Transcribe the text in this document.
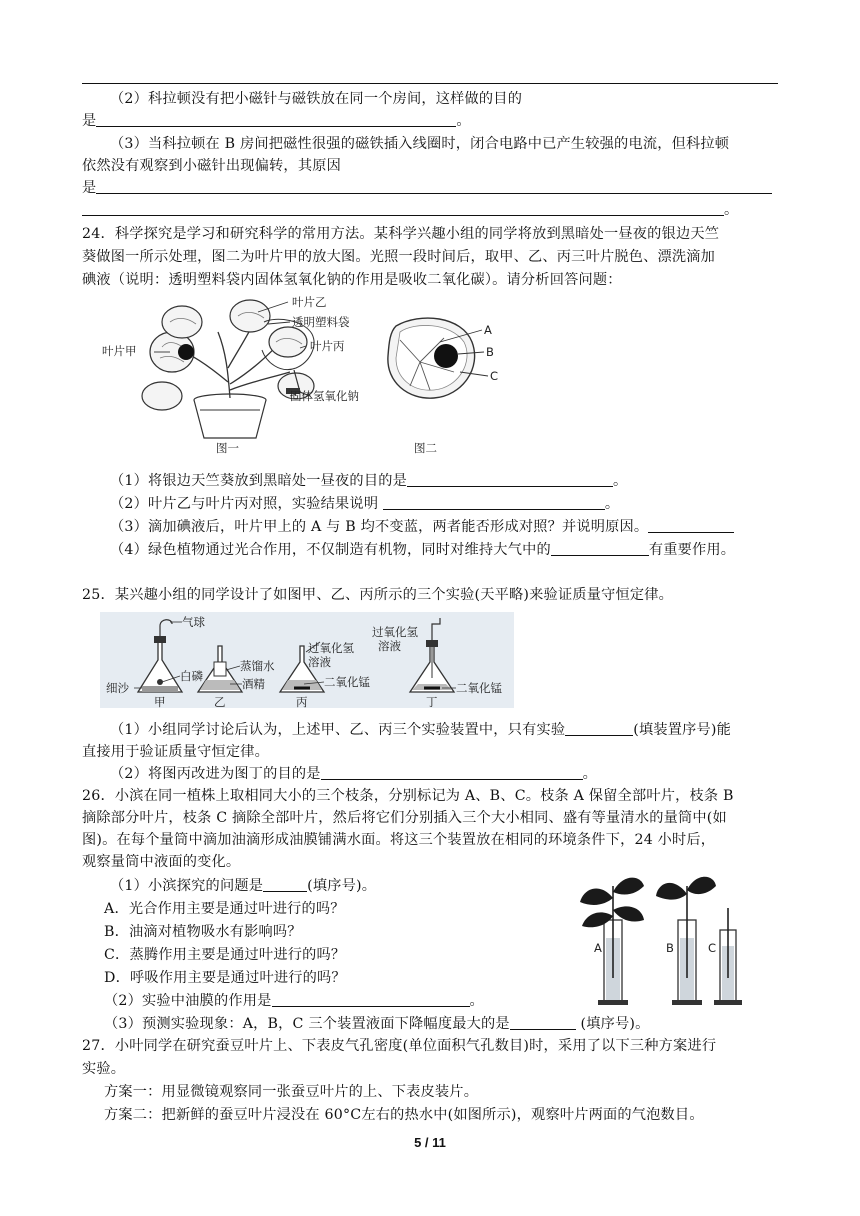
（2）科拉顿没有把小磁针与磁铁放在同一个房间，这样做的目的
是	。
（3）当科拉顿在 B 房间把磁性很强的磁铁插入线圈时，闭合电路中已产生较强的电流，但科拉顿
依然没有观察到小磁针出现偏转，其原因
是
。
24．科学探究是学习和研究科学的常用方法。某科学兴趣小组的同学将放到黑暗处一昼夜的银边天竺
葵做图一所示处理，图二为叶片甲的放大图。光照一段时间后，取甲、乙、丙三叶片脱色、漂洗滴加
碘液（说明：透明塑料袋内固体氢氧化钠的作用是吸收二氧化碳）。请分析回答问题：
叶片乙
透明塑料袋
叶片甲	叶片丙
固体氢氧化钠
图一
A
B
C
图二
（1）将银边天竺葵放到黑暗处一昼夜的目的是	。
（2）叶片乙与叶片丙对照，实验结果说明	。
（3）滴加碘液后，叶片甲上的 A 与 B 均不变蓝，两者能否形成对照？并说明原因。
（4）绿色植物通过光合作用，不仅制造有机物，同时对维持大气中的	有重要作用。
25．某兴趣小组的同学设计了如图甲、乙、丙所示的三个实验(天平略)来验证质量守恒定律。
气球
白磷
细沙
甲
蒸馏水
酒精
乙
过氧化氢
溶液
二氧化锰
丙
过氧化氢
溶液
二氧化锰
丁
（1）小组同学讨论后认为，上述甲、乙、丙三个实验装置中，只有实验	(填装置序号)能
直接用于验证质量守恒定律。
（2）将图丙改进为图丁的目的是	。
26．小滨在同一植株上取相同大小的三个枝条，分别标记为 A、B、C。枝条 A 保留全部叶片，枝条 B
摘除部分叶片，枝条 C 摘除全部叶片，然后将它们分别插入三个大小相同、盛有等量清水的量筒中(如
图)。在每个量筒中滴加油滴形成油膜铺满水面。将这三个装置放在相同的环境条件下，24 小时后，
观察量筒中液面的变化。
（1）小滨探究的问题是	(填序号)。
A．光合作用主要是通过叶进行的吗？
B．油滴对植物吸水有影响吗？
C．蒸腾作用主要是通过叶进行的吗？
D．呼吸作用主要是通过叶进行的吗？
（2）实验中油膜的作用是	。
（3）预测实验现象：A，B，C 三个装置液面下降幅度最大的是	(填序号)。
A	B	C
27．小叶同学在研究蚕豆叶片上、下表皮气孔密度(单位面积气孔数目)时，采用了以下三种方案进行
实验。
方案一：用显微镜观察同一张蚕豆叶片的上、下表皮装片。
方案二：把新鲜的蚕豆叶片浸没在 60°C左右的热水中(如图所示)，观察叶片两面的气泡数目。
5 / 11
